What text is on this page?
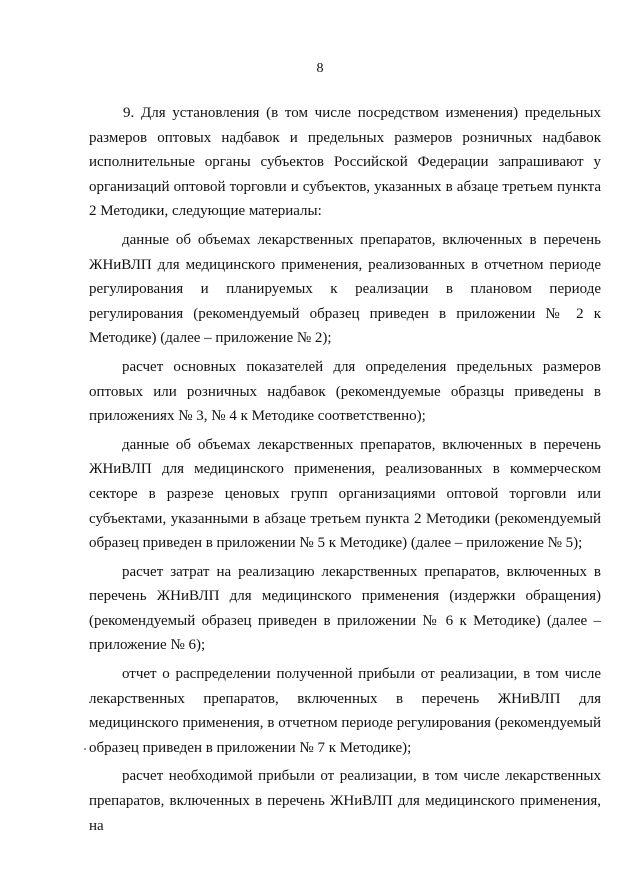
8

9. Для установления (в том числе посредством изменения) предельных размеров оптовых надбавок и предельных размеров розничных надбавок исполнительные органы субъектов Российской Федерации запрашивают у организаций оптовой торговли и субъектов, указанных в абзаце третьем пункта 2 Методики, следующие материалы:

данные об объемах лекарственных препаратов, включенных в перечень ЖНиВЛП для медицинского применения, реализованных в отчетном периоде регулирования и планируемых к реализации в плановом периоде регулирования (рекомендуемый образец приведен в приложении № 2 к Методике) (далее – приложение № 2);

расчет основных показателей для определения предельных размеров оптовых или розничных надбавок (рекомендуемые образцы приведены в приложениях № 3, № 4 к Методике соответственно);

данные об объемах лекарственных препаратов, включенных в перечень ЖНиВЛП для медицинского применения, реализованных в коммерческом секторе в разрезе ценовых групп организациями оптовой торговли или субъектами, указанными в абзаце третьем пункта 2 Методики (рекомендуемый образец приведен в приложении № 5 к Методике) (далее – приложение № 5);

расчет затрат на реализацию лекарственных препаратов, включенных в перечень ЖНиВЛП для медицинского применения (издержки обращения) (рекомендуемый образец приведен в приложении № 6 к Методике) (далее – приложение № 6);

отчет о распределении полученной прибыли от реализации, в том числе лекарственных препаратов, включенных в перечень ЖНиВЛП для медицинского применения, в отчетном периоде регулирования (рекомендуемый образец приведен в приложении № 7 к Методике);

расчет необходимой прибыли от реализации, в том числе лекарственных препаратов, включенных в перечень ЖНиВЛП для медицинского применения, на
